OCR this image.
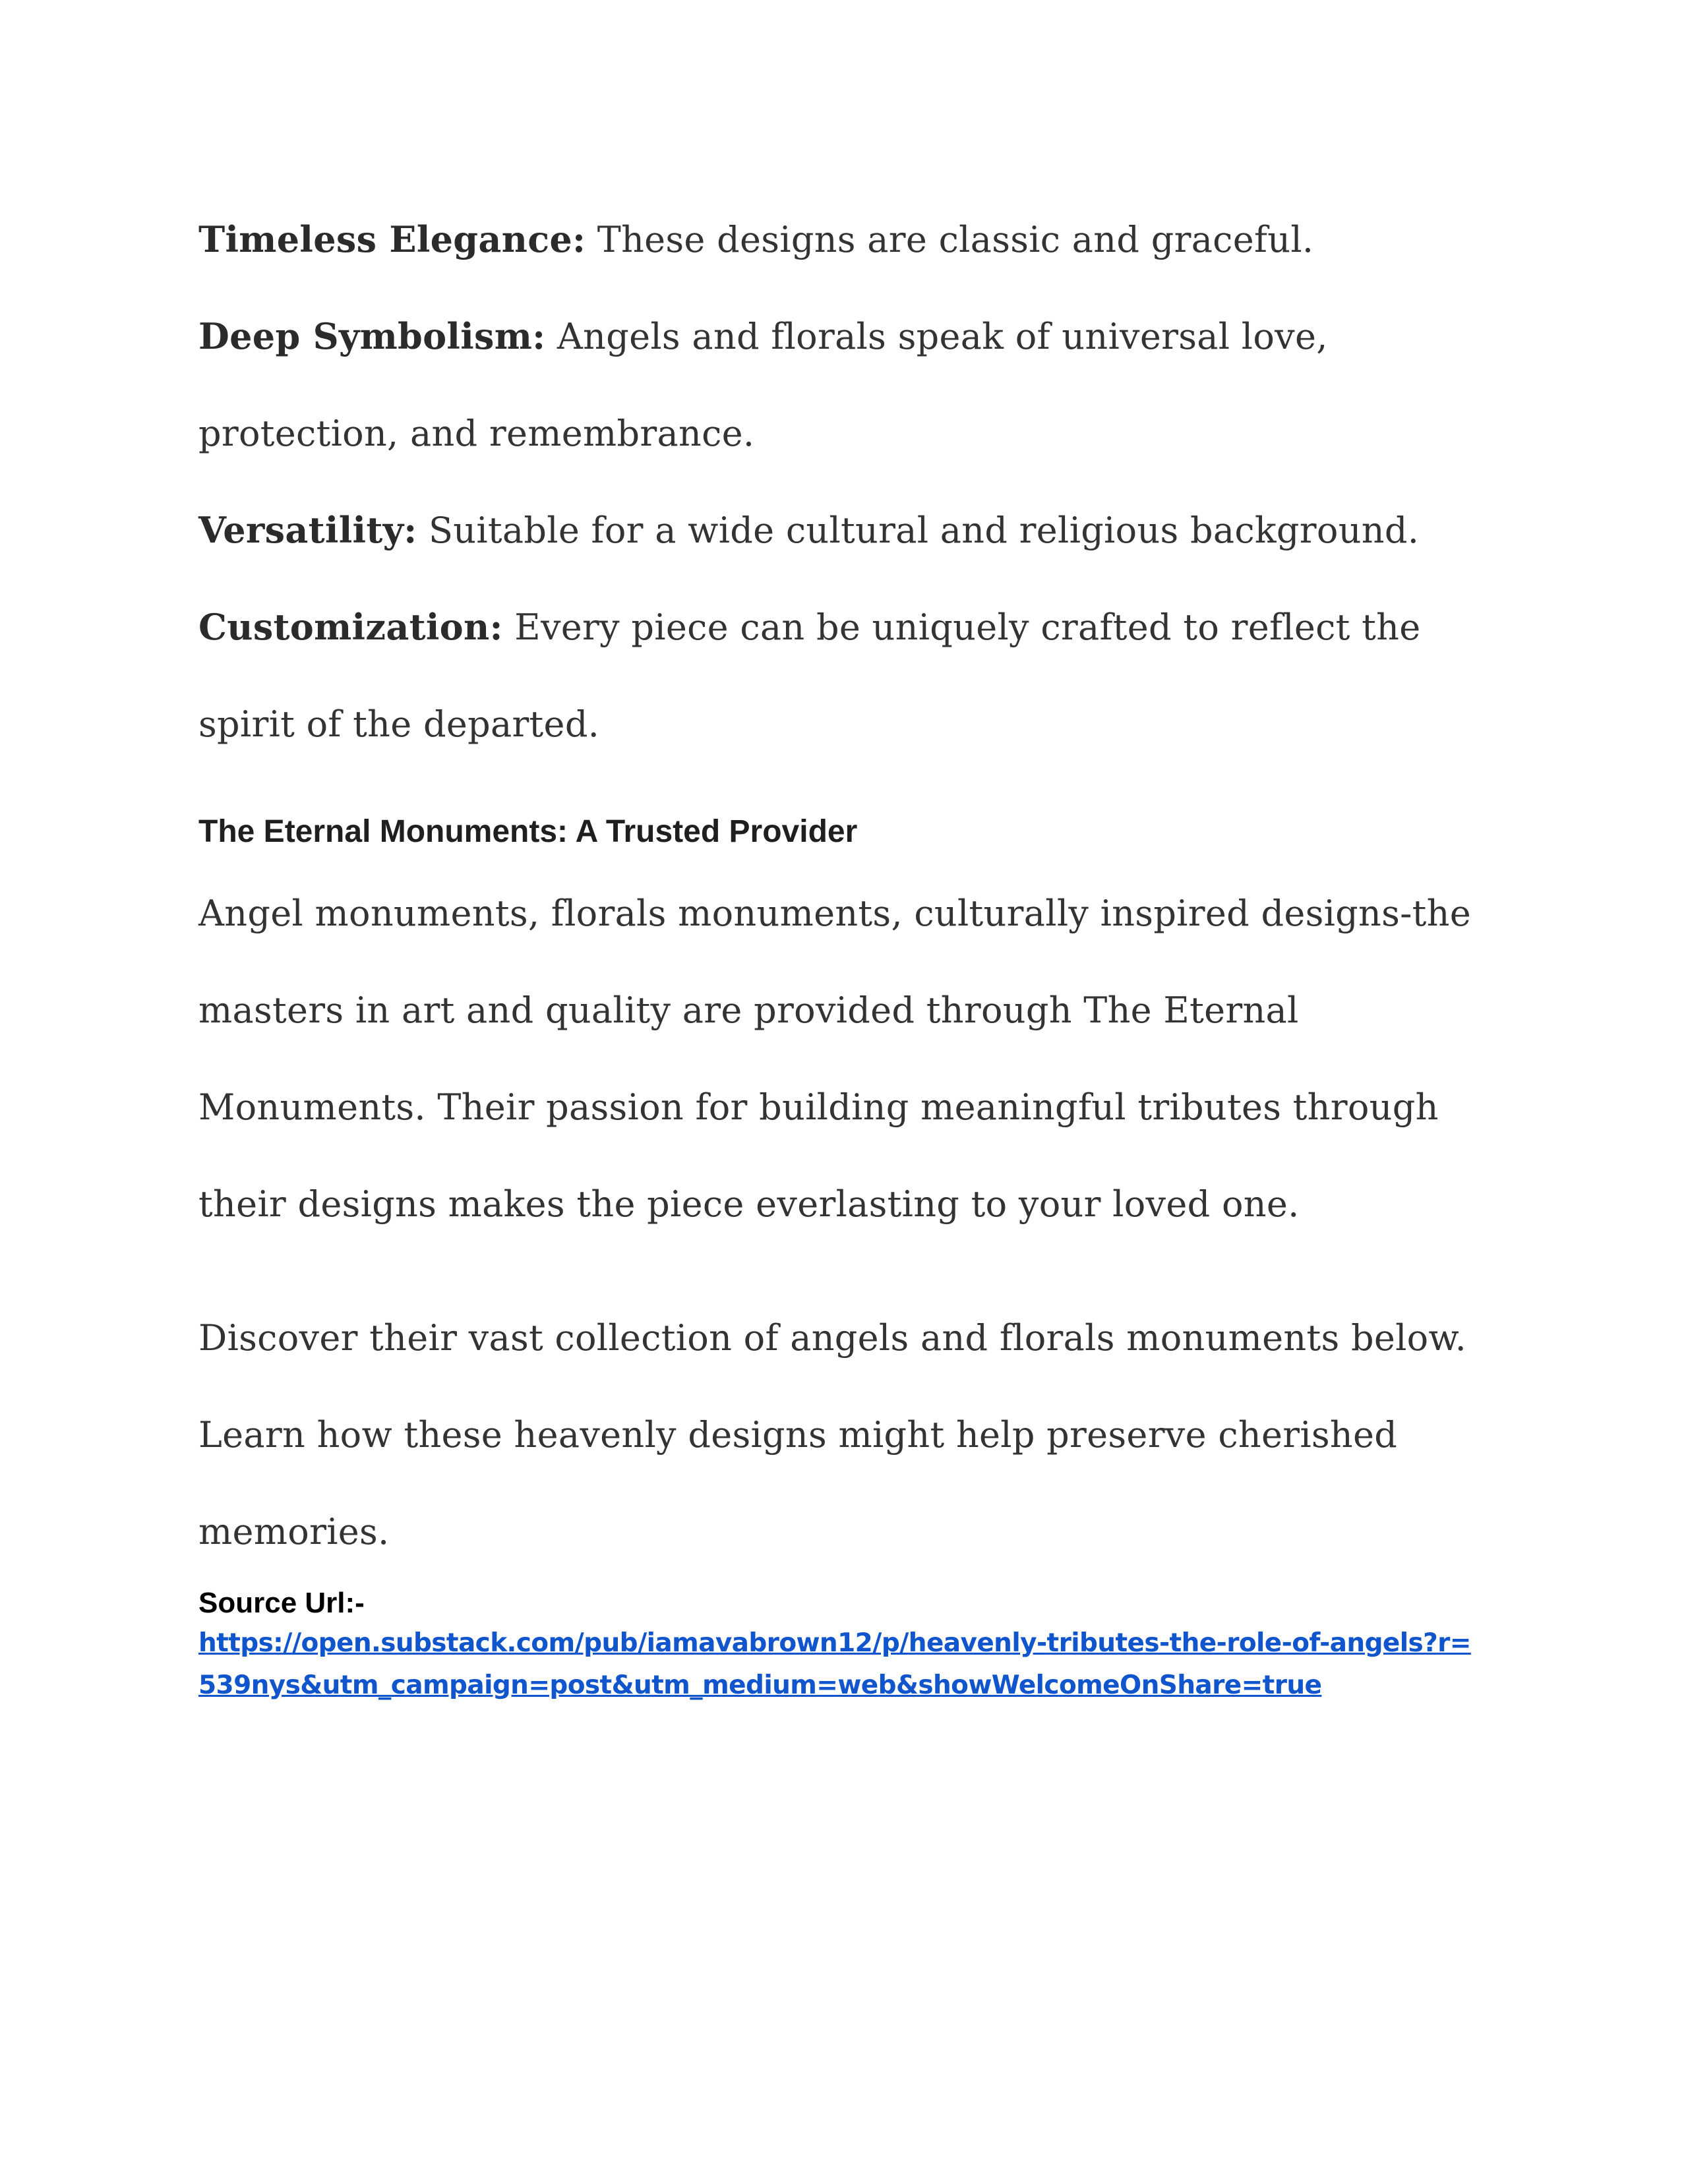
Timeless Elegance: These designs are classic and graceful.

Deep Symbolism: Angels and florals speak of universal love, protection, and remembrance.

Versatility: Suitable for a wide cultural and religious background.

Customization: Every piece can be uniquely crafted to reflect the spirit of the departed.

The Eternal Monuments: A Trusted Provider

Angel monuments, florals monuments, culturally inspired designs-the masters in art and quality are provided through The Eternal Monuments. Their passion for building meaningful tributes through their designs makes the piece everlasting to your loved one.

Discover their vast collection of angels and florals monuments below. Learn how these heavenly designs might help preserve cherished memories.

Source Url:-

https://open.substack.com/pub/iamavabrown12/p/heavenly-tributes-the-role-of-angels?r=539nys&utm_campaign=post&utm_medium=web&showWelcomeOnShare=true
